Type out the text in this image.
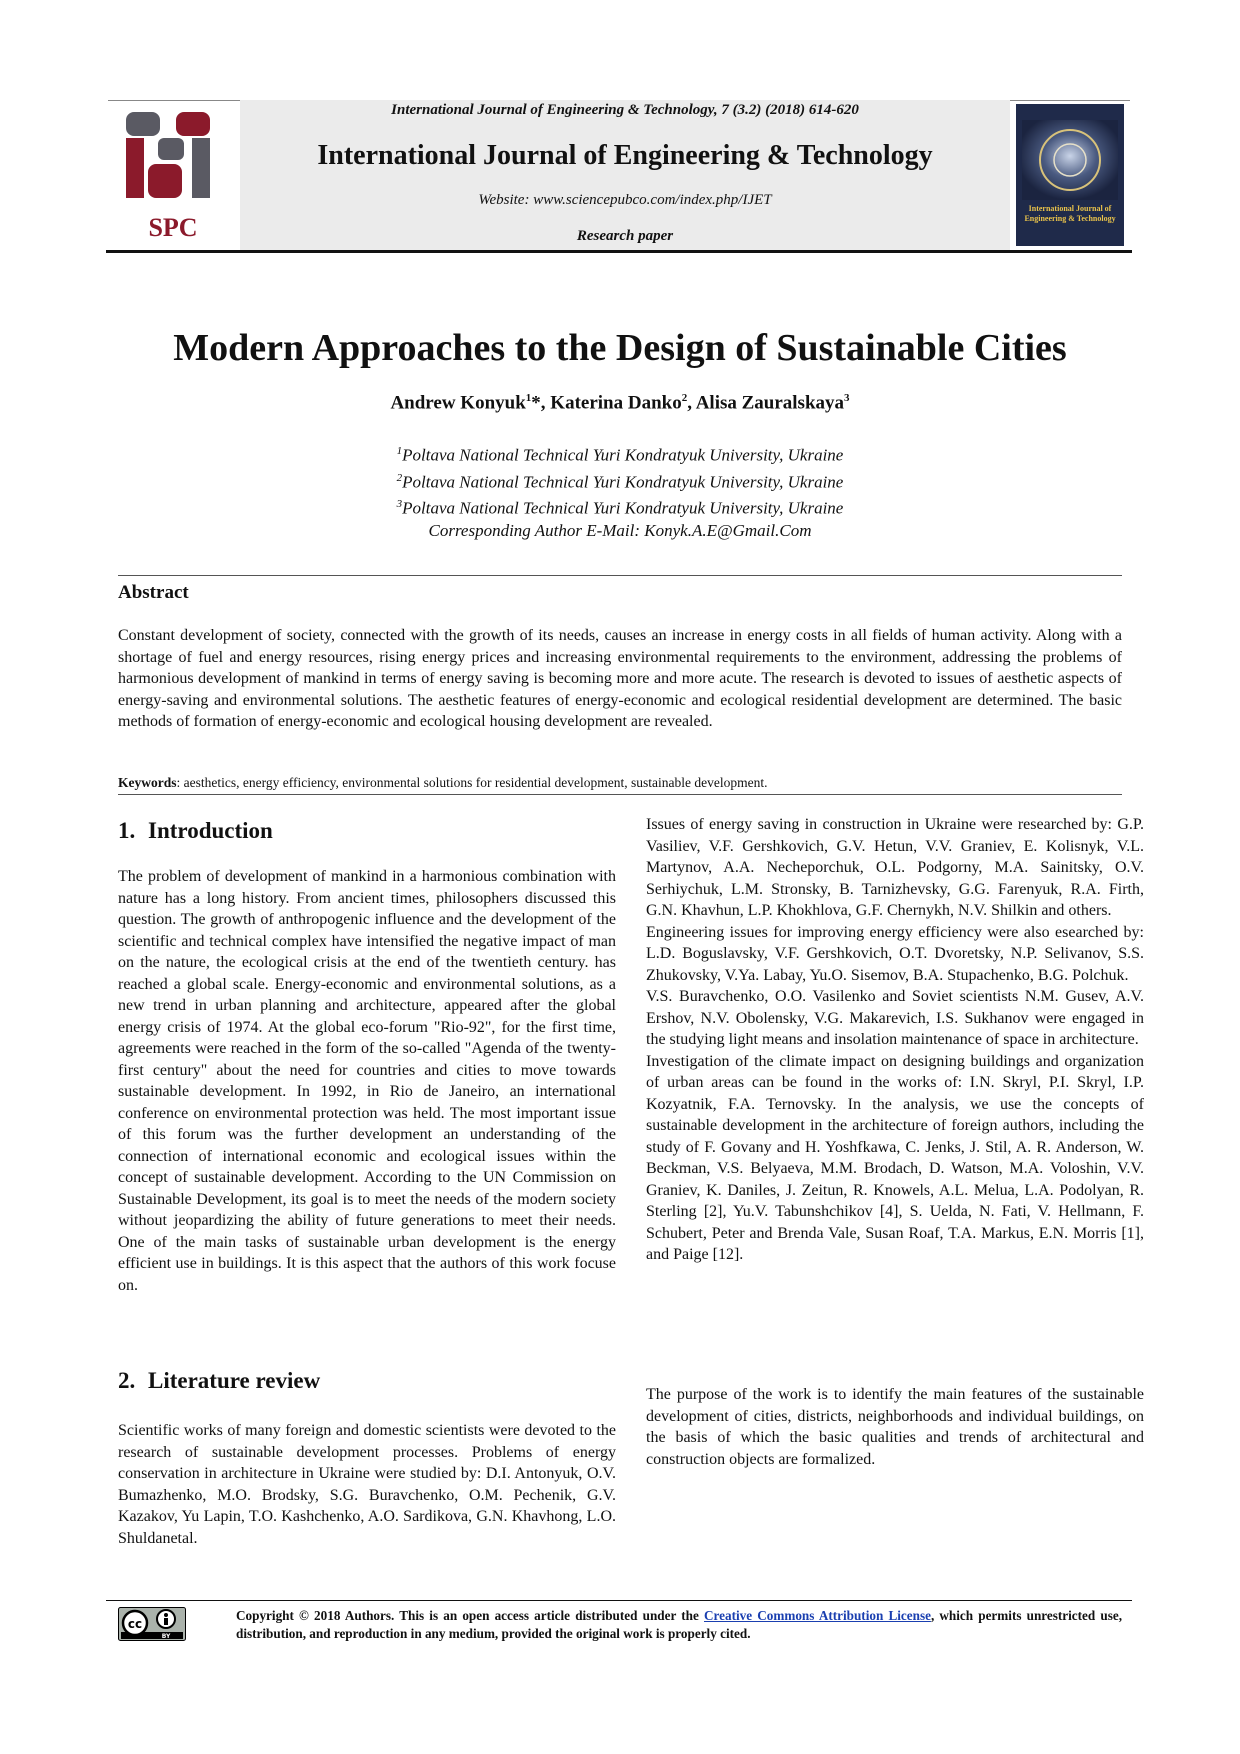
SPC
International Journal of Engineering & Technology, 7 (3.2) (2018) 614-620
International Journal of Engineering & Technology
Website: www.sciencepubco.com/index.php/IJET
Research paper
International Journal of Engineering & Technology
Modern Approaches to the Design of Sustainable Cities
Andrew Konyuk$^1$*, Katerina Danko$^2$, Alisa Zauralskaya$^3$
$^1$Poltava National Technical Yuri Kondratyuk University, Ukraine
$^2$Poltava National Technical Yuri Kondratyuk University, Ukraine
$^3$Poltava National Technical Yuri Kondratyuk University, Ukraine
Corresponding Author E-Mail: Konyk.A.E@Gmail.Com
Abstract
Constant development of society, connected with the growth of its needs, causes an increase in energy costs in all fields of human activity. Along with a shortage of fuel and energy resources, rising energy prices and increasing environmental requirements to the environment, addressing the problems of harmonious development of mankind in terms of energy saving is becoming more and more acute. The research is devoted to issues of aesthetic aspects of energy-saving and environmental solutions. The aesthetic features of energy-economic and ecological residential development are determined. The basic methods of formation of energy-economic and ecological housing development are revealed.
Keywords: aesthetics, energy efficiency, environmental solutions for residential development, sustainable development.
1. Introduction
The problem of development of mankind in a harmonious combination with nature has a long history. From ancient times, philosophers discussed this question. The growth of anthropogenic influence and the development of the scientific and technical complex have intensified the negative impact of man on the nature, the ecological crisis at the end of the twentieth century. has reached a global scale. Energy-economic and environmental solutions, as a new trend in urban planning and architecture, appeared after the global energy crisis of 1974. At the global eco-forum "Rio-92", for the first time, agreements were reached in the form of the so-called "Agenda of the twenty-first century" about the need for countries and cities to move towards sustainable development. In 1992, in Rio de Janeiro, an international conference on environmental protection was held. The most important issue of this forum was the further development an understanding of the connection of international economic and ecological issues within the concept of sustainable development. According to the UN Commission on Sustainable Development, its goal is to meet the needs of the modern society without jeopardizing the ability of future generations to meet their needs. One of the main tasks of sustainable urban development is the energy efficient use in buildings. It is this aspect that the authors of this work focuse on.
2. Literature review
Scientific works of many foreign and domestic scientists were devoted to the research of sustainable development processes. Problems of energy conservation in architecture in Ukraine were studied by: D.I. Antonyuk, O.V. Bumazhenko, M.O. Brodsky, S.G. Buravchenko, O.M. Pechenik, G.V. Kazakov, Yu Lapin, T.O. Kashchenko, A.O. Sardikova, G.N. Khavhong, L.O. Shuldanetal.
Issues of energy saving in construction in Ukraine were researched by: G.P. Vasiliev, V.F. Gershkovich, G.V. Hetun, V.V. Graniev, E. Kolisnyk, V.L. Martynov, A.A. Necheporchuk, O.L. Podgorny, M.A. Sainitsky, O.V. Serhiychuk, L.M. Stronsky, B. Tarnizhevsky, G.G. Farenyuk, R.A. Firth, G.N. Khavhun, L.P. Khokhlova, G.F. Chernykh, N.V. Shilkin and others.
Engineering issues for improving energy efficiency were also esearched by: L.D. Boguslavsky, V.F. Gershkovich, O.T. Dvoretsky, N.P. Selivanov, S.S. Zhukovsky, V.Ya. Labay, Yu.O. Sisemov, B.A. Stupachenko, B.G. Polchuk.
V.S. Buravchenko, O.O. Vasilenko and Soviet scientists N.M. Gusev, A.V. Ershov, N.V. Obolensky, V.G. Makarevich, I.S. Sukhanov were engaged in the studying light means and insolation maintenance of space in architecture.
Investigation of the climate impact on designing buildings and organization of urban areas can be found in the works of: I.N. Skryl, P.I. Skryl, I.P. Kozyatnik, F.A. Ternovsky. In the analysis, we use the concepts of sustainable development in the architecture of foreign authors, including the study of F. Govany and H. Yoshfkawa, C. Jenks, J. Stil, A. R. Anderson, W. Beckman, V.S. Belyaeva, M.M. Brodach, D. Watson, M.A. Voloshin, V.V. Graniev, K. Daniles, J. Zeitun, R. Knowels, A.L. Melua, L.A. Podolyan, R. Sterling [2], Yu.V. Tabunshchikov [4], S. Uelda, N. Fati, V. Hellmann, F. Schubert, Peter and Brenda Vale, Susan Roaf, T.A. Markus, E.N. Morris [1], and Paige [12].
The purpose of the work is to identify the main features of the sustainable development of cities, districts, neighborhoods and individual buildings, on the basis of which the basic qualities and trends of architectural and construction objects are formalized.
cc
BY
Copyright © 2018 Authors. This is an open access article distributed under the Creative Commons Attribution License, which permits unrestricted use, distribution, and reproduction in any medium, provided the original work is properly cited.
